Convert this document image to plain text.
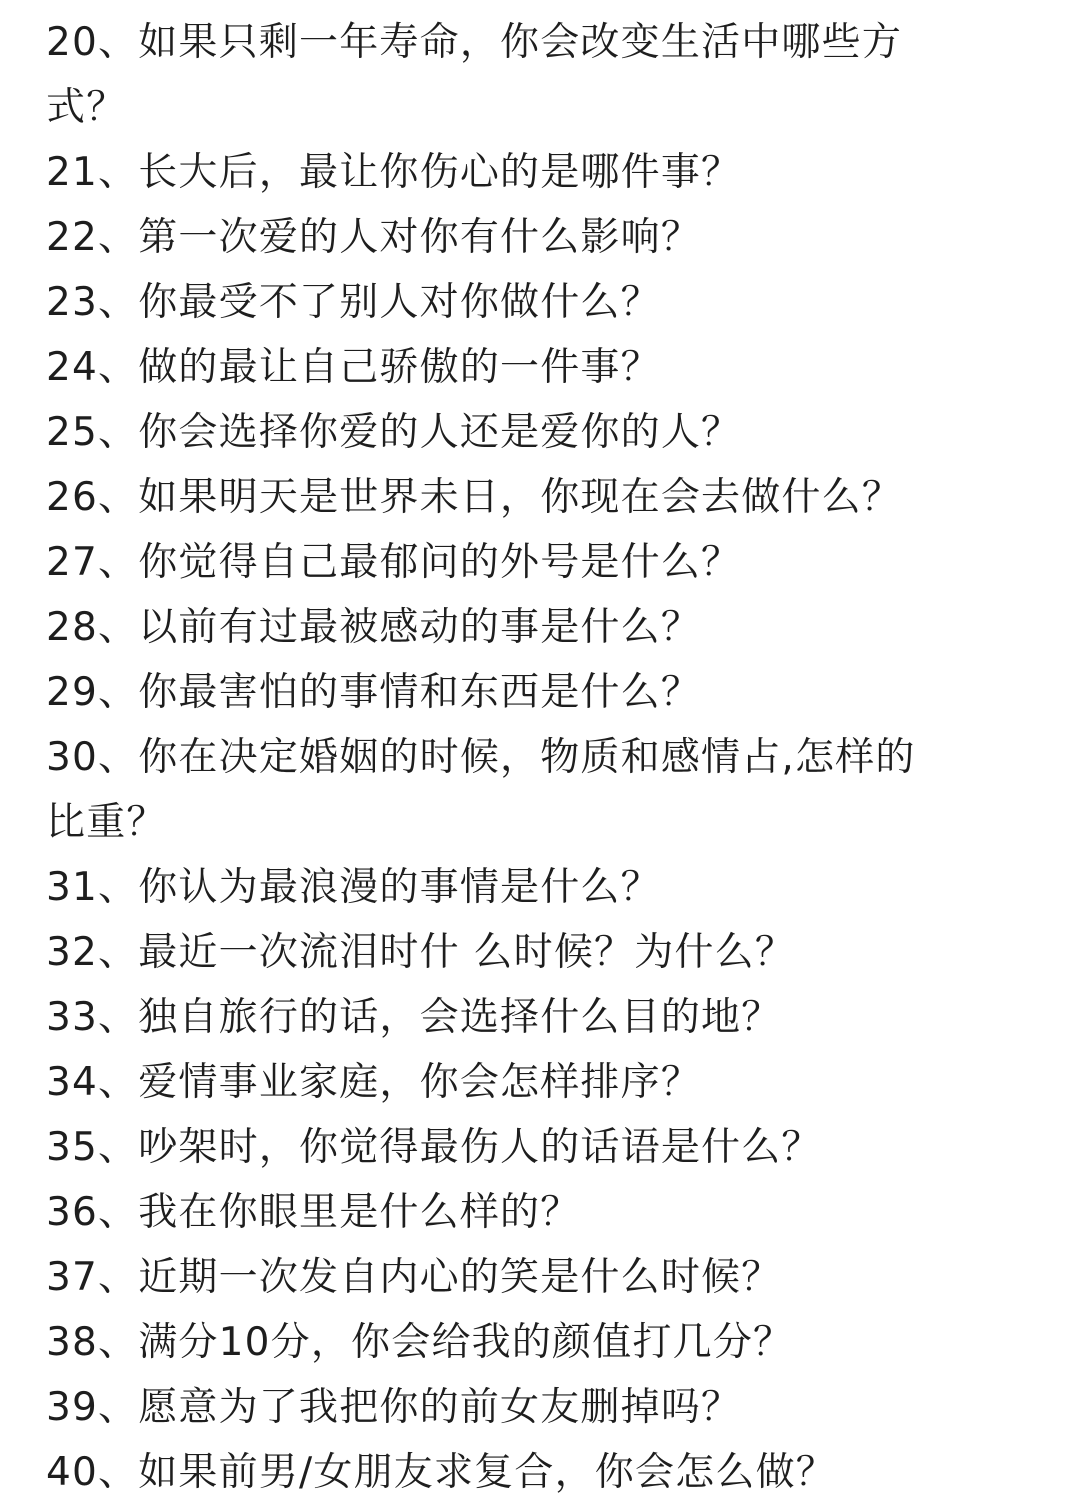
20、如果只剩一年寿命，你会改变生活中哪些方
式？
21、长大后，最让你伤心的是哪件事？
22、第一次爱的人对你有什么影响？
23、你最受不了别人对你做什么？
24、做的最让自己骄傲的一件事？
25、你会选择你爱的人还是爱你的人？
26、如果明天是世界未日，你现在会去做什么？
27、你觉得自己最郁问的外号是什么？
28、以前有过最被感动的事是什么？
29、你最害怕的事情和东西是什么？
30、你在决定婚姻的时候，物质和感情占,怎样的
比重？
31、你认为最浪漫的事情是什么？
32、最近一次流泪时什 么时候？为什么？
33、独自旅行的话，会选择什么目的地？
34、爱情事业家庭，你会怎样排序？
35、吵架时，你觉得最伤人的话语是什么？
36、我在你眼里是什么样的？
37、近期一次发自内心的笑是什么时候？
38、满分10分，你会给我的颜值打几分？
39、愿意为了我把你的前女友删掉吗？
40、如果前男/女朋友求复合，你会怎么做？
